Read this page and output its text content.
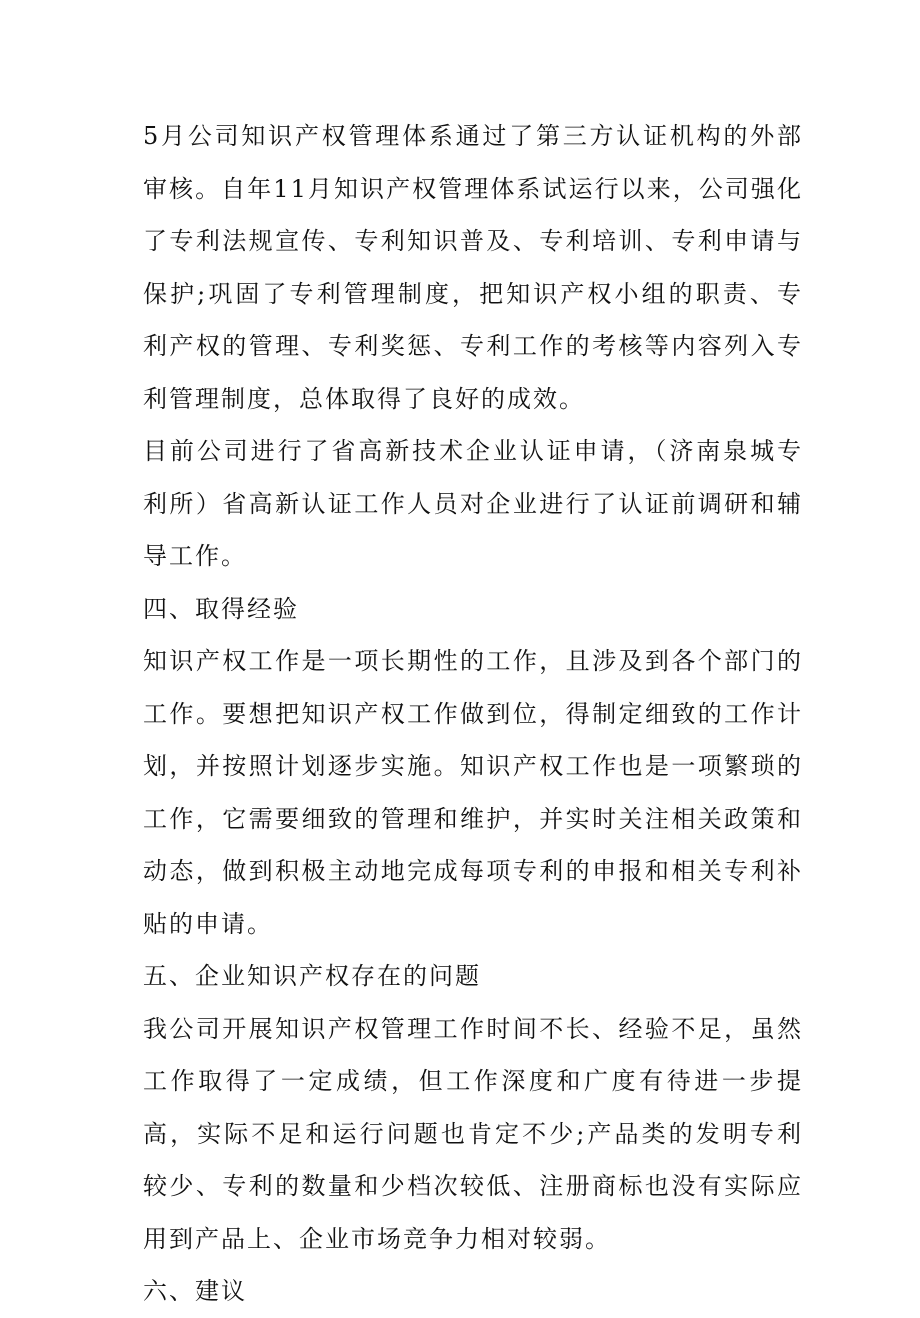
5月公司知识产权管理体系通过了第三方认证机构的外部审核。自年11月知识产权管理体系试运行以来，公司强化了专利法规宣传、专利知识普及、专利培训、专利申请与保护;巩固了专利管理制度，把知识产权小组的职责、专利产权的管理、专利奖惩、专利工作的考核等内容列入专利管理制度，总体取得了良好的成效。

目前公司进行了省高新技术企业认证申请，（济南泉城专利所）省高新认证工作人员对企业进行了认证前调研和辅导工作。

四、取得经验

知识产权工作是一项长期性的工作，且涉及到各个部门的工作。要想把知识产权工作做到位，得制定细致的工作计划，并按照计划逐步实施。知识产权工作也是一项繁琐的工作，它需要细致的管理和维护，并实时关注相关政策和动态，做到积极主动地完成每项专利的申报和相关专利补贴的申请。

五、企业知识产权存在的问题

我公司开展知识产权管理工作时间不长、经验不足，虽然工作取得了一定成绩，但工作深度和广度有待进一步提高，实际不足和运行问题也肯定不少;产品类的发明专利较少、专利的数量和少档次较低、注册商标也没有实际应用到产品上、企业市场竞争力相对较弱。

六、建议
